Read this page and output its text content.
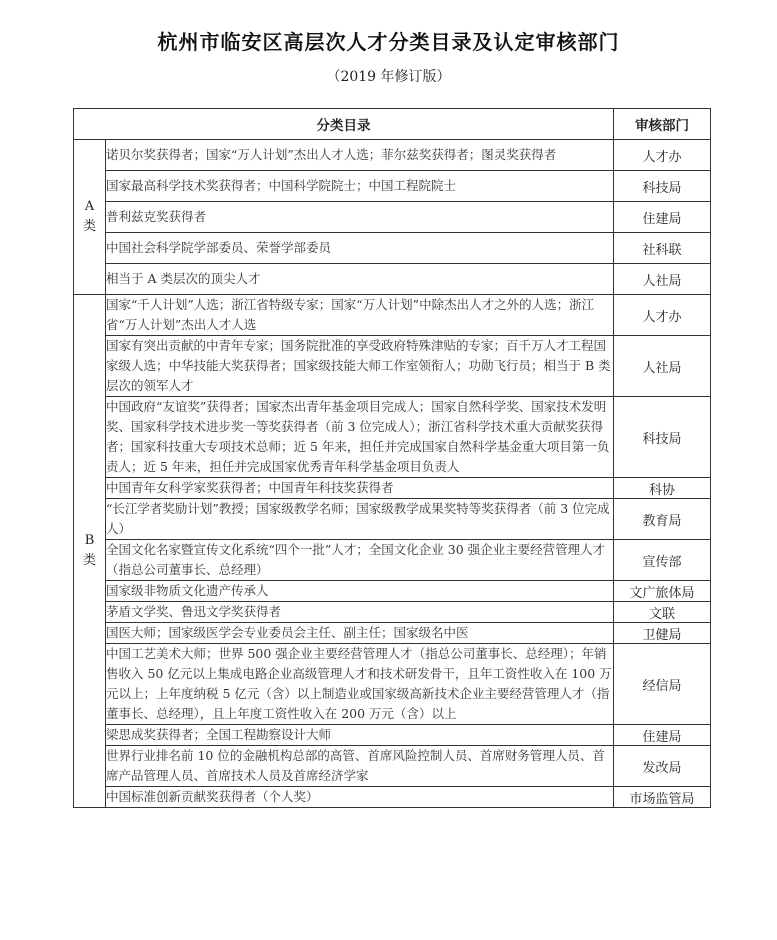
杭州市临安区高层次人才分类目录及认定审核部门
（2019 年修订版）
分类目录		审核部门

A
类	诺贝尔奖获得者；国家“万人计划”杰出人才人选；菲尔兹奖获得者；图灵奖获得者	人才办
	国家最高科学技术奖获得者；中国科学院院士；中国工程院院士	科技局
	普利兹克奖获得者	住建局
	中国社会科学院学部委员、荣誉学部委员	社科联
	相当于 A 类层次的顶尖人才	人社局

B
类	国家“千人计划”人选；浙江省特级专家；国家“万人计划”中除杰出人才之外的人选；浙江省“万人计划”杰出人才人选	人才办
	国家有突出贡献的中青年专家；国务院批准的享受政府特殊津贴的专家；百千万人才工程国家级人选；中华技能大奖获得者；国家级技能大师工作室领衔人；功勋飞行员；相当于 B 类层次的领军人才	人社局
	中国政府“友谊奖”获得者；国家杰出青年基金项目完成人；国家自然科学奖、国家技术发明奖、国家科学技术进步奖一等奖获得者（前 3 位完成人）；浙江省科学技术重大贡献奖获得者；国家科技重大专项技术总师；近 5 年来，担任并完成国家自然科学基金重大项目第一负责人；近 5 年来，担任并完成国家优秀青年科学基金项目负责人	科技局
	中国青年女科学家奖获得者；中国青年科技奖获得者	科协
	“长江学者奖励计划”教授；国家级教学名师；国家级教学成果奖特等奖获得者（前 3 位完成人）	教育局
	全国文化名家暨宣传文化系统“四个一批”人才；全国文化企业 30 强企业主要经营管理人才（指总公司董事长、总经理）	宣传部
	国家级非物质文化遗产传承人	文广旅体局
	茅盾文学奖、鲁迅文学奖获得者	文联
	国医大师；国家级医学会专业委员会主任、副主任；国家级名中医	卫健局
	中国工艺美术大师；世界 500 强企业主要经营管理人才（指总公司董事长、总经理）；年销售收入 50 亿元以上集成电路企业高级管理人才和技术研发骨干，且年工资性收入在 100 万元以上；上年度纳税 5 亿元（含）以上制造业或国家级高新技术企业主要经营管理人才（指董事长、总经理），且上年度工资性收入在 200 万元（含）以上	经信局
	梁思成奖获得者；全国工程勘察设计大师	住建局
	世界行业排名前 10 位的金融机构总部的高管、首席风险控制人员、首席财务管理人员、首席产品管理人员、首席技术人员及首席经济学家	发改局
	中国标准创新贡献奖获得者（个人奖）	市场监管局
